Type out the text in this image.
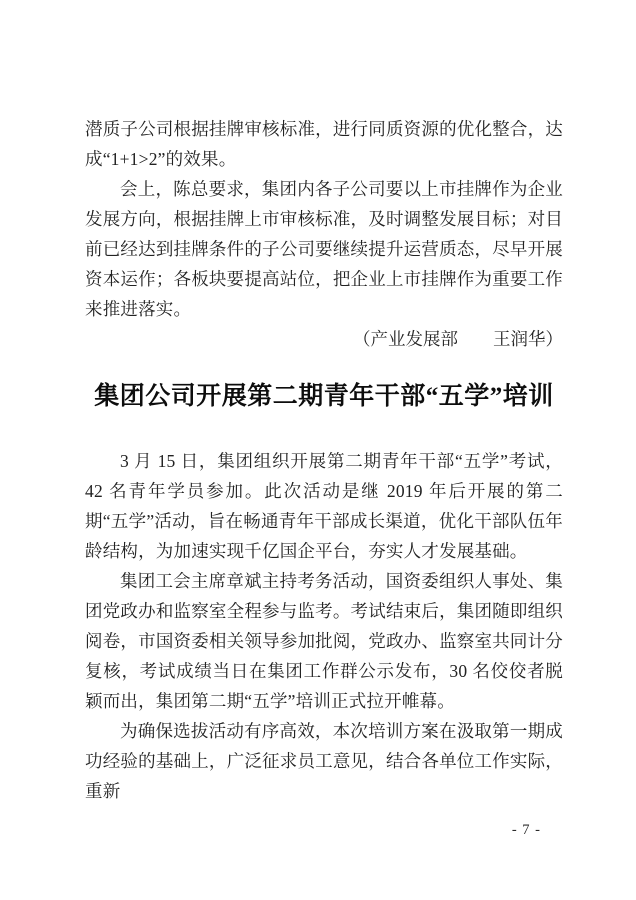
潜质子公司根据挂牌审核标准，进行同质资源的优化整合，达成“1+1>2”的效果。

会上，陈总要求，集团内各子公司要以上市挂牌作为企业发展方向，根据挂牌上市审核标准，及时调整发展目标；对目前已经达到挂牌条件的子公司要继续提升运营质态，尽早开展资本运作；各板块要提高站位，把企业上市挂牌作为重要工作来推进落实。

（产业发展部　　王润华）

集团公司开展第二期青年干部“五学”培训

3 月 15 日，集团组织开展第二期青年干部“五学”考试，42 名青年学员参加。此次活动是继 2019 年后开展的第二期“五学”活动，旨在畅通青年干部成长渠道，优化干部队伍年龄结构，为加速实现千亿国企平台，夯实人才发展基础。

集团工会主席章斌主持考务活动，国资委组织人事处、集团党政办和监察室全程参与监考。考试结束后，集团随即组织阅卷，市国资委相关领导参加批阅，党政办、监察室共同计分复核，考试成绩当日在集团工作群公示发布，30 名佼佼者脱颖而出，集团第二期“五学”培训正式拉开帷幕。

为确保选拔活动有序高效，本次培训方案在汲取第一期成功经验的基础上，广泛征求员工意见，结合各单位工作实际，重新

- 7 -
